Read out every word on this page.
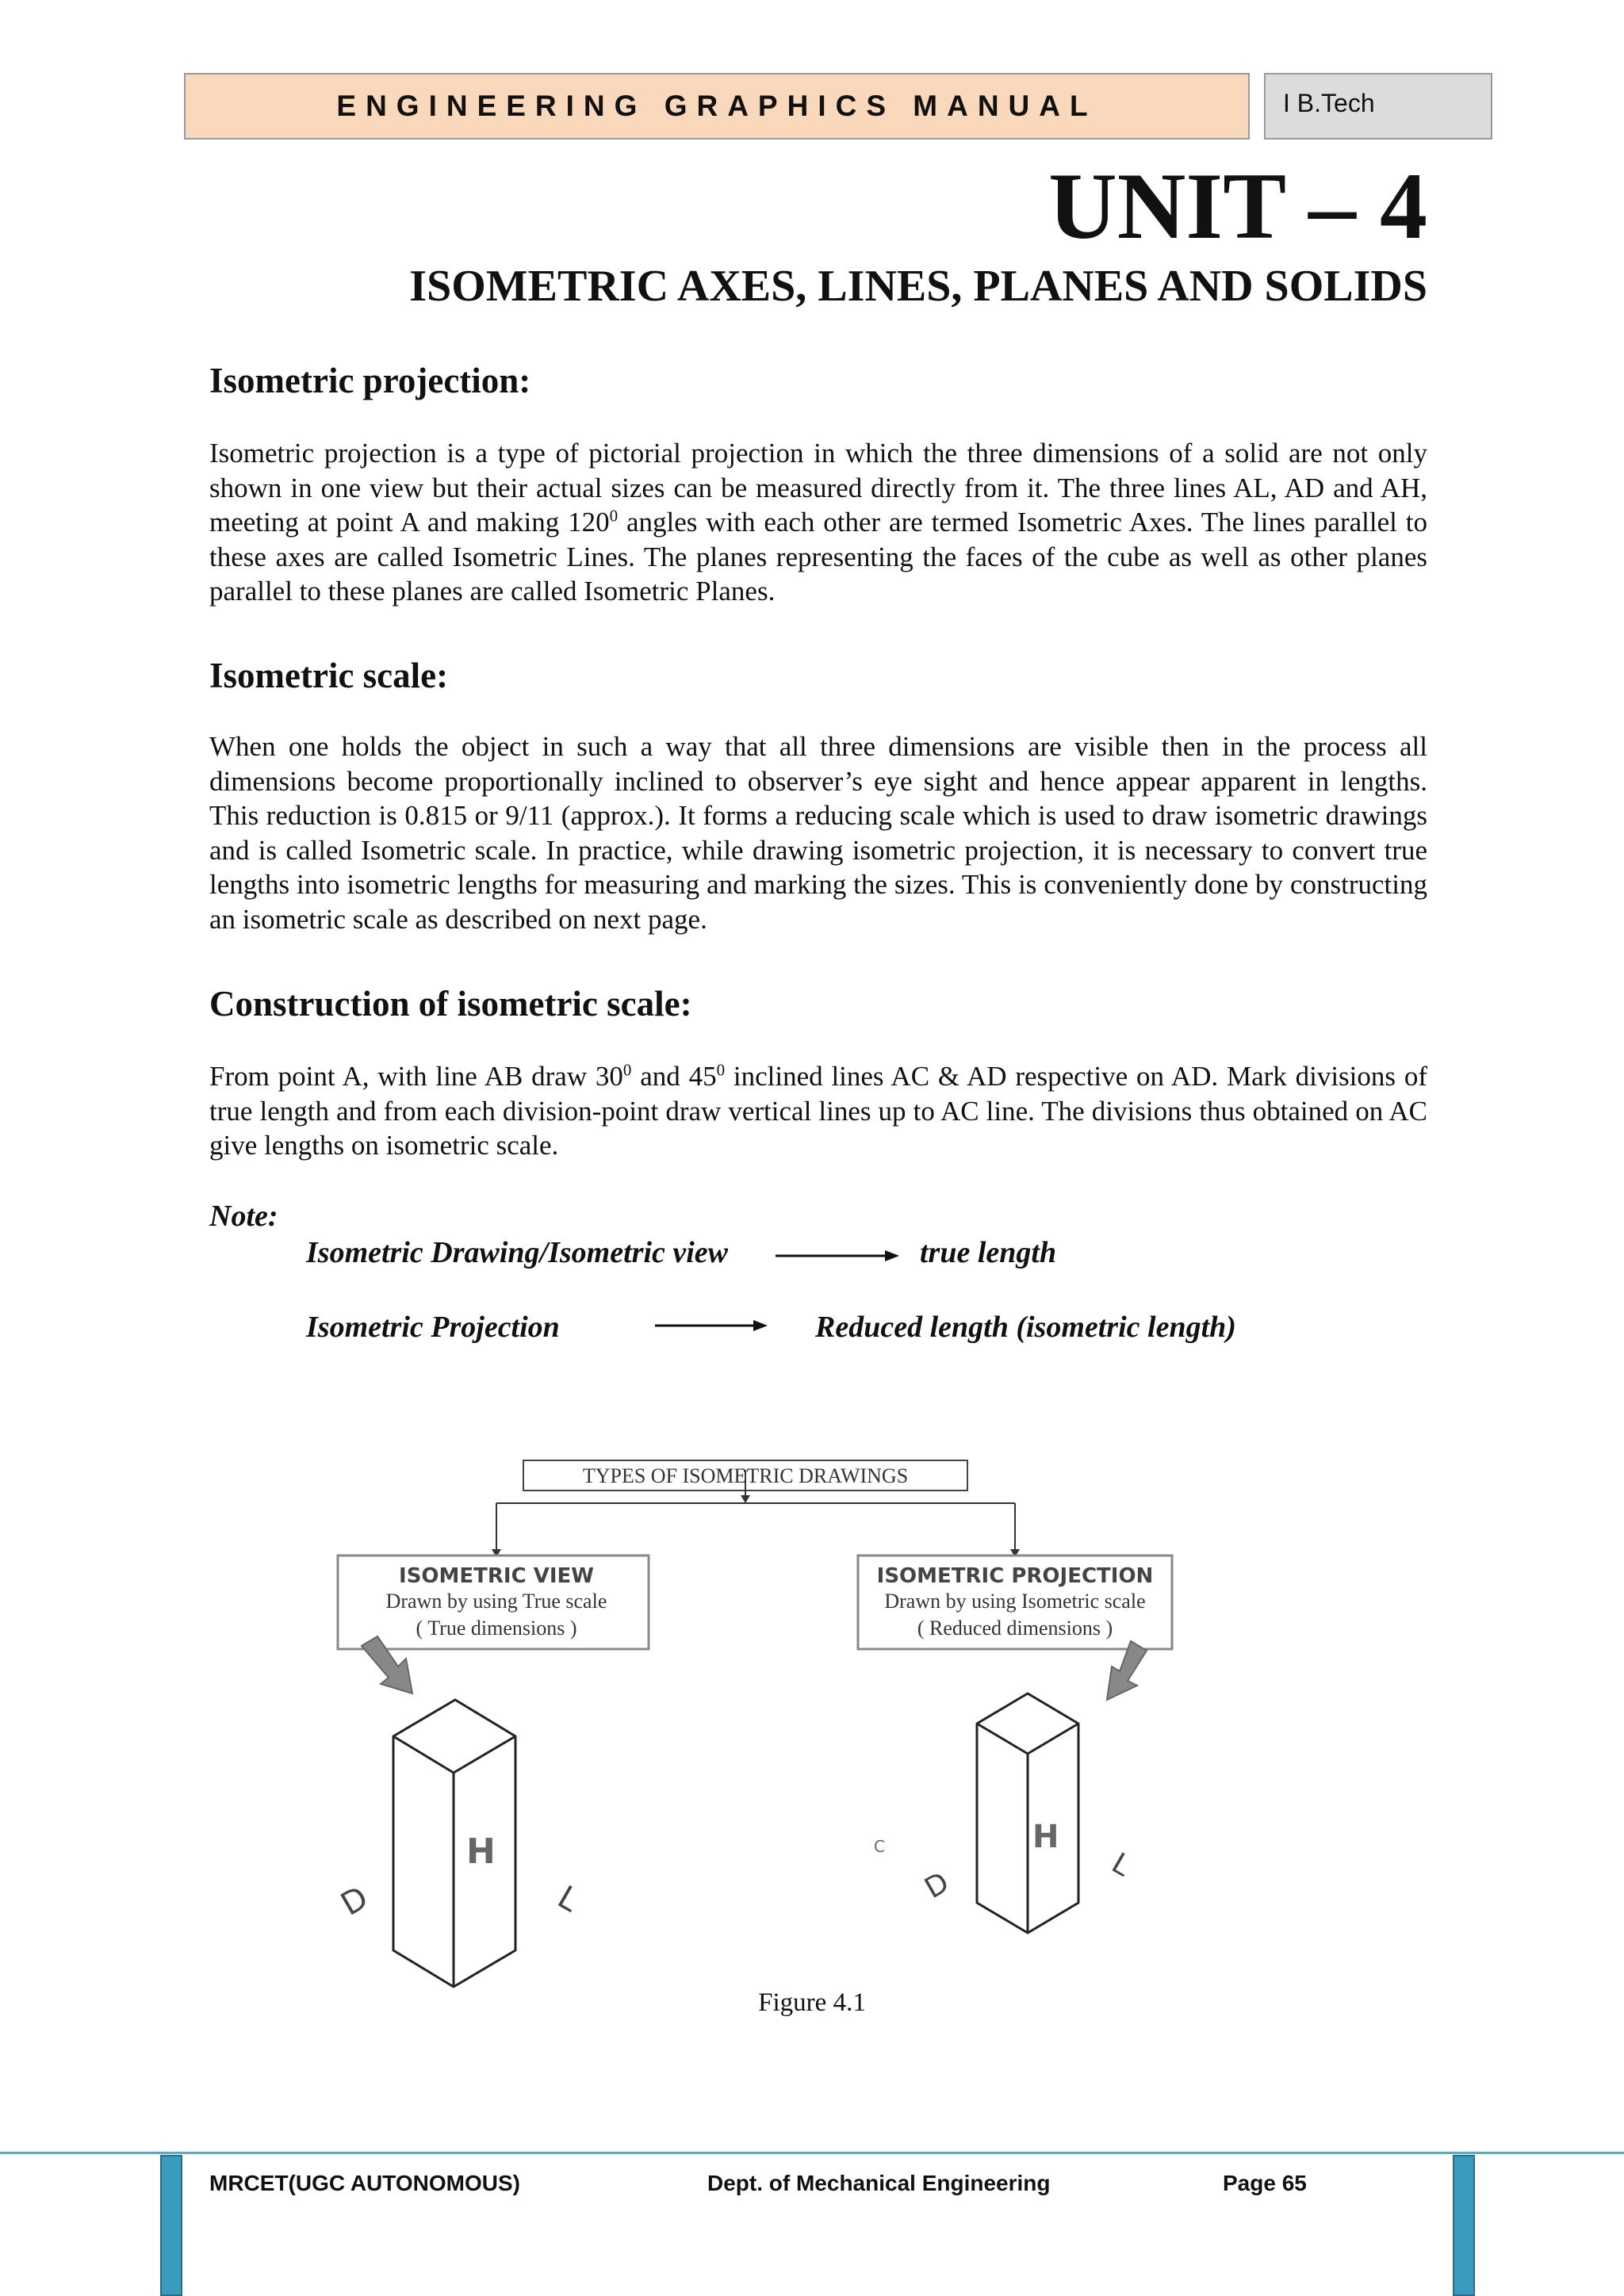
ENGINEERING GRAPHICS MANUAL	I B.Tech
UNIT – 4
ISOMETRIC AXES, LINES, PLANES AND SOLIDS
Isometric projection:

Isometric projection is a type of pictorial projection in which the three dimensions of a solid are not only shown in one view but their actual sizes can be measured directly from it. The three lines AL, AD and AH, meeting at point A and making $120^0$ angles with each other are termed Isometric Axes. The lines parallel to these axes are called Isometric Lines. The planes representing the faces of the cube as well as other planes parallel to these planes are called Isometric Planes.

Isometric scale:

When one holds the object in such a way that all three dimensions are visible then in the process all dimensions become proportionally inclined to observer’s eye sight and hence appear apparent in lengths. This reduction is 0.815 or 9/11 (approx.). It forms a reducing scale which is used to draw isometric drawings and is called Isometric scale. In practice, while drawing isometric projection, it is necessary to convert true lengths into isometric lengths for measuring and marking the sizes. This is conveniently done by constructing an isometric scale as described on next page.

Construction of isometric scale:

From point A, with line AB draw $30^0$ and $45^0$ inclined lines AC & AD respective on AD. Mark divisions of true length and from each division-point draw vertical lines up to AC line. The divisions thus obtained on AC give lengths on isometric scale.

Note:
Isometric Drawing/Isometric view	true length
Isometric Projection	Reduced length (isometric length)
TYPES OF ISOMETRIC DRAWINGS
ISOMETRIC VIEW
Drawn by using True scale
( True dimensions )
ISOMETRIC PROJECTION
Drawn by using Isometric scale
( Reduced dimensions )
H
D	L
H
D
L
C
Figure 4.1
MRCET(UGC AUTONOMOUS)	Dept. of Mechanical Engineering	Page 65
